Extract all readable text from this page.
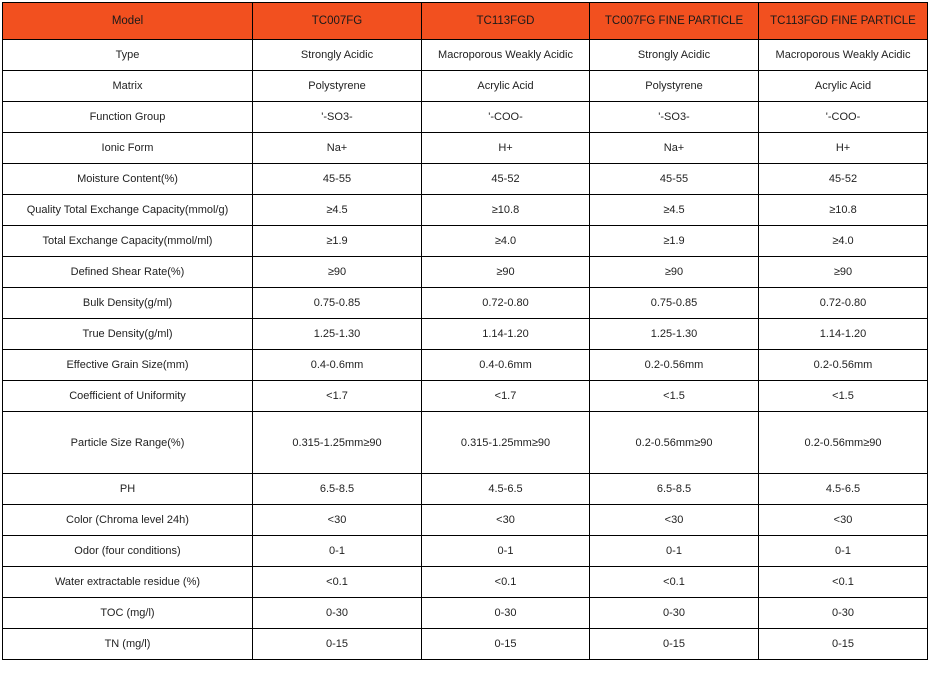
Model	TC007FG	TC113FGD	TC007FG FINE PARTICLE	TC113FGD FINE PARTICLE
Type	Strongly Acidic	Macroporous Weakly Acidic	Strongly Acidic	Macroporous Weakly Acidic
Matrix	Polystyrene	Acrylic Acid	Polystyrene	Acrylic Acid
Function Group	'-SO3-	'-COO-	'-SO3-	'-COO-
Ionic Form	Na+	H+	Na+	H+
Moisture Content(%)	45-55	45-52	45-55	45-52
Quality Total Exchange Capacity(mmol/g)	≥4.5	≥10.8	≥4.5	≥10.8
Total Exchange Capacity(mmol/ml)	≥1.9	≥4.0	≥1.9	≥4.0
Defined Shear Rate(%)	≥90	≥90	≥90	≥90
Bulk Density(g/ml)	0.75-0.85	0.72-0.80	0.75-0.85	0.72-0.80
True Density(g/ml)	1.25-1.30	1.14-1.20	1.25-1.30	1.14-1.20
Effective Grain Size(mm)	0.4-0.6mm	0.4-0.6mm	0.2-0.56mm	0.2-0.56mm
Coefficient of Uniformity	<1.7	<1.7	<1.5	<1.5
Particle Size Range(%)	0.315-1.25mm≥90	0.315-1.25mm≥90	0.2-0.56mm≥90	0.2-0.56mm≥90
PH	6.5-8.5	4.5-6.5	6.5-8.5	4.5-6.5
Color (Chroma level 24h)	<30	<30	<30	<30
Odor (four conditions)	0-1	0-1	0-1	0-1
Water extractable residue (%)	<0.1	<0.1	<0.1	<0.1
TOC (mg/l)	0-30	0-30	0-30	0-30
TN (mg/l)	0-15	0-15	0-15	0-15
